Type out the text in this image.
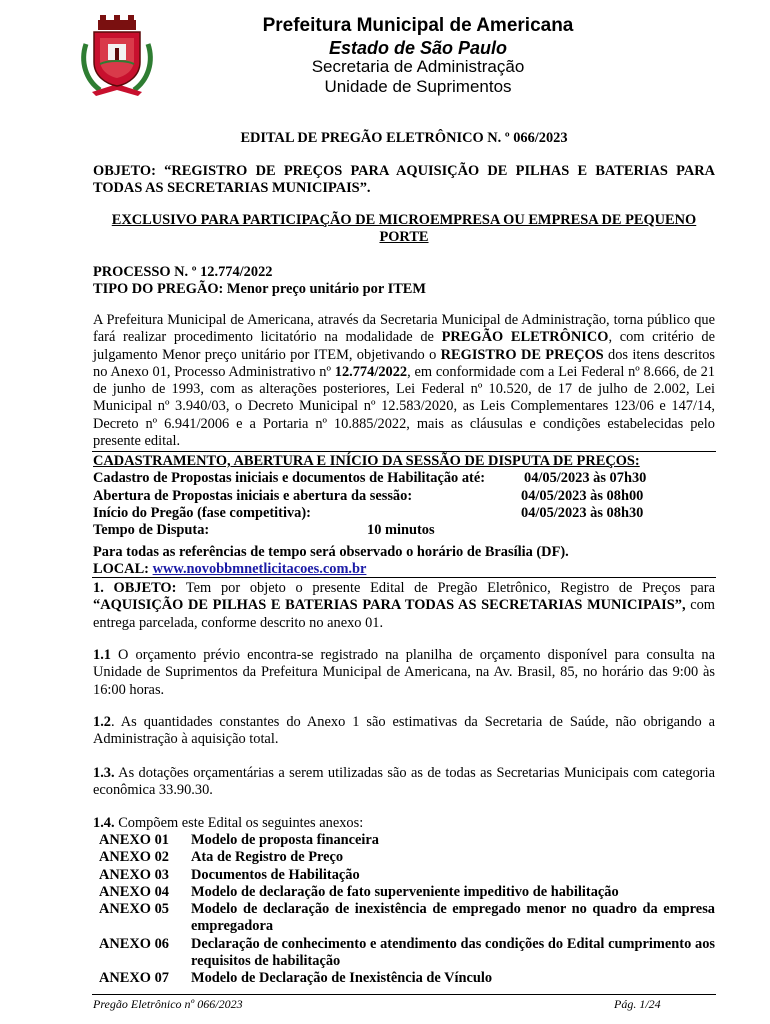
Prefeitura Municipal de Americana
Estado de São Paulo
Secretaria de Administração
Unidade de Suprimentos
EDITAL DE PREGÃO ELETRÔNICO N. º 066/2023
OBJETO: “REGISTRO DE PREÇOS PARA AQUISIÇÃO DE PILHAS E BATERIAS PARA TODAS AS SECRETARIAS MUNICIPAIS”.
EXCLUSIVO PARA PARTICIPAÇÃO DE MICROEMPRESA OU EMPRESA DE PEQUENO PORTE
PROCESSO N. º 12.774/2022
TIPO DO PREGÃO: Menor preço unitário por ITEM
A Prefeitura Municipal de Americana, através da Secretaria Municipal de Administração, torna público que fará realizar procedimento licitatório na modalidade de PREGÃO ELETRÔNICO, com critério de julgamento Menor preço unitário por ITEM, objetivando o REGISTRO DE PREÇOS dos itens descritos no Anexo 01, Processo Administrativo nº 12.774/2022, em conformidade com a Lei Federal nº 8.666, de 21 de junho de 1993, com as alterações posteriores, Lei Federal nº 10.520, de 17 de julho de 2.002, Lei Municipal nº 3.940/03, o Decreto Municipal nº 12.583/2020, as Leis Complementares 123/06 e 147/14, Decreto nº 6.941/2006 e a Portaria nº 10.885/2022, mais as cláusulas e condições estabelecidas pelo presente edital.
CADASTRAMENTO, ABERTURA E INÍCIO DA SESSÃO DE DISPUTA DE PREÇOS:
Cadastro de Propostas iniciais e documentos de Habilitação até:	04/05/2023 às 07h30
Abertura de Propostas iniciais e abertura da sessão:	04/05/2023 às 08h00
Início do Pregão (fase competitiva):	04/05/2023 às 08h30
Tempo de Disputa:	10 minutos
Para todas as referências de tempo será observado o horário de Brasília (DF).
LOCAL: www.novobbmnetlicitacoes.com.br
1. OBJETO: Tem por objeto o presente Edital de Pregão Eletrônico, Registro de Preços para “AQUISIÇÃO DE PILHAS E BATERIAS PARA TODAS AS SECRETARIAS MUNICIPAIS”, com entrega parcelada, conforme descrito no anexo 01.
1.1 O orçamento prévio encontra-se registrado na planilha de orçamento disponível para consulta na Unidade de Suprimentos da Prefeitura Municipal de Americana, na Av. Brasil, 85, no horário das 9:00 às 16:00 horas.
1.2. As quantidades constantes do Anexo 1 são estimativas da Secretaria de Saúde, não obrigando a Administração à aquisição total.
1.3. As dotações orçamentárias a serem utilizadas são as de todas as Secretarias Municipais com categoria econômica 33.90.30.
1.4. Compõem este Edital os seguintes anexos:
ANEXO 01	Modelo de proposta financeira
ANEXO 02	Ata de Registro de Preço
ANEXO 03	Documentos de Habilitação
ANEXO 04	Modelo de declaração de fato superveniente impeditivo de habilitação
ANEXO 05	Modelo de declaração de inexistência de empregado menor no quadro da empresa empregadora
ANEXO 06	Declaração de conhecimento e atendimento das condições do Edital cumprimento aos requisitos de habilitação
ANEXO 07	Modelo de Declaração de Inexistência de Vínculo
Pregão Eletrônico nº 066/2023	Pág. 1/24
